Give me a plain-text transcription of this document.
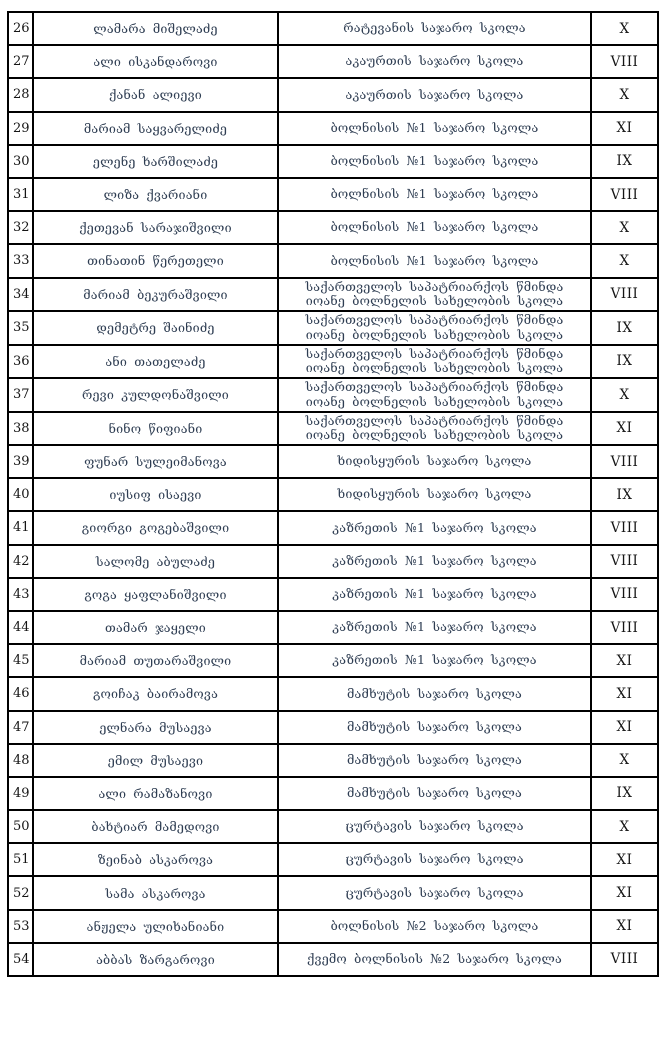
26	ლამარა მიშელაძე	რატევანის საჯარო სკოლა	X
27	ალი ისკანდაროვი	აკაურთის საჯარო სკოლა	VIII
28	ქანან ალიევი	აკაურთის საჯარო სკოლა	X
29	მარიამ საყვარელიძე	ბოლნისის №1 საჯარო სკოლა	XI
30	ელენე ხარშილაძე	ბოლნისის №1 საჯარო სკოლა	IX
31	ლიზა ქვარიანი	ბოლნისის №1 საჯარო სკოლა	VIII
32	ქეთევან სარაჯიშვილი	ბოლნისის №1 საჯარო სკოლა	X
33	თინათინ წერეთელი	ბოლნისის №1 საჯარო სკოლა	X
34	მარიამ ბეკურაშვილი	საქართველოს საპატრიარქოს წმინდა იოანე ბოლნელის სახელობის სკოლა	VIII
35	დემეტრე შაინიძე	საქართველოს საპატრიარქოს წმინდა იოანე ბოლნელის სახელობის სკოლა	IX
36	ანი თათელაძე	საქართველოს საპატრიარქოს წმინდა იოანე ბოლნელის სახელობის სკოლა	IX
37	რევი კულდონაშვილი	საქართველოს საპატრიარქოს წმინდა იოანე ბოლნელის სახელობის სკოლა	X
38	ნინო წიფიანი	საქართველოს საპატრიარქოს წმინდა იოანე ბოლნელის სახელობის სკოლა	XI
39	ფუნარ სულეიმანოვა	ხიდისყურის საჯარო სკოლა	VIII
40	იუსიფ ისაევი	ხიდისყურის საჯარო სკოლა	IX
41	გიორგი გოგებაშვილი	კაზრეთის №1 საჯარო სკოლა	VIII
42	სალომე აბულაძე	კაზრეთის №1 საჯარო სკოლა	VIII
43	გოგა ყაფლანიშვილი	კაზრეთის №1 საჯარო სკოლა	VIII
44	თამარ ჯაყელი	კაზრეთის №1 საჯარო სკოლა	VIII
45	მარიამ თუთარაშვილი	კაზრეთის №1 საჯარო სკოლა	XI
46	გოიჩაკ ბაირამოვა	მამხუტის საჯარო სკოლა	XI
47	ელნარა მუსაევა	მამხუტის საჯარო სკოლა	XI
48	ემილ მუსაევი	მამხუტის საჯარო სკოლა	X
49	ალი რამაზანოვი	მამხუტის საჯარო სკოლა	IX
50	ბახტიარ მამედოვი	ცურტავის საჯარო სკოლა	X
51	ზეინაბ ასკაროვა	ცურტავის საჯარო სკოლა	XI
52	სამა ასკაროვა	ცურტავის საჯარო სკოლა	XI
53	ანჟელა ულიხანიანი	ბოლნისის №2 საჯარო სკოლა	XI
54	აბბას ზარგაროვი	ქვემო ბოლნისის №2 საჯარო სკოლა	VIII
